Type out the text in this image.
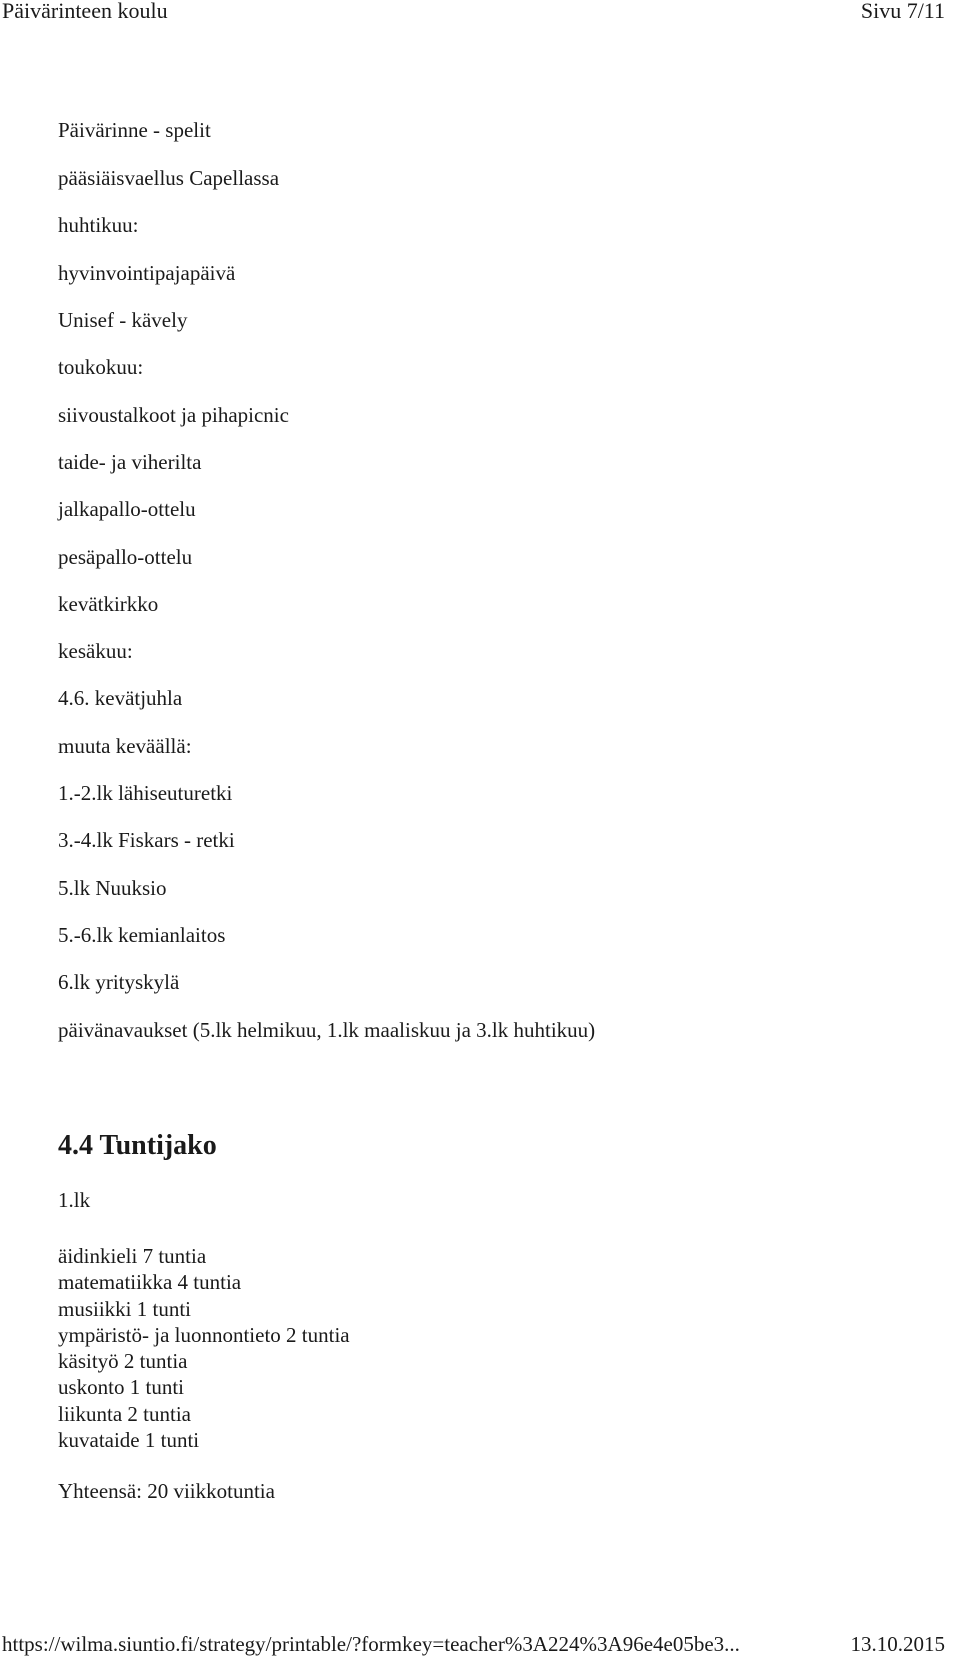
Päivärinteen koulu	Sivu 7/11
Päivärinne - spelit
pääsiäisvaellus Capellassa
huhtikuu:
hyvinvointipajapäivä
Unisef - kävely
toukokuu:
siivoustalkoot ja pihapicnic
taide- ja viherilta
jalkapallo-ottelu
pesäpallo-ottelu
kevätkirkko
kesäkuu:
4.6. kevätjuhla
muuta keväällä:
1.-2.lk lähiseuturetki
3.-4.lk Fiskars - retki
5.lk Nuuksio
5.-6.lk kemianlaitos
6.lk yrityskylä
päivänavaukset (5.lk helmikuu, 1.lk maaliskuu ja 3.lk huhtikuu)
4.4 Tuntijako
1.lk
äidinkieli 7 tuntia
matematiikka 4 tuntia
musiikki 1 tunti
ympäristö- ja luonnontieto 2 tuntia
käsityö 2 tuntia
uskonto 1 tunti
liikunta 2 tuntia
kuvataide 1 tunti
Yhteensä: 20 viikkotuntia
https://wilma.siuntio.fi/strategy/printable/?formkey=teacher%3A224%3A96e4e05be3...	13.10.2015
